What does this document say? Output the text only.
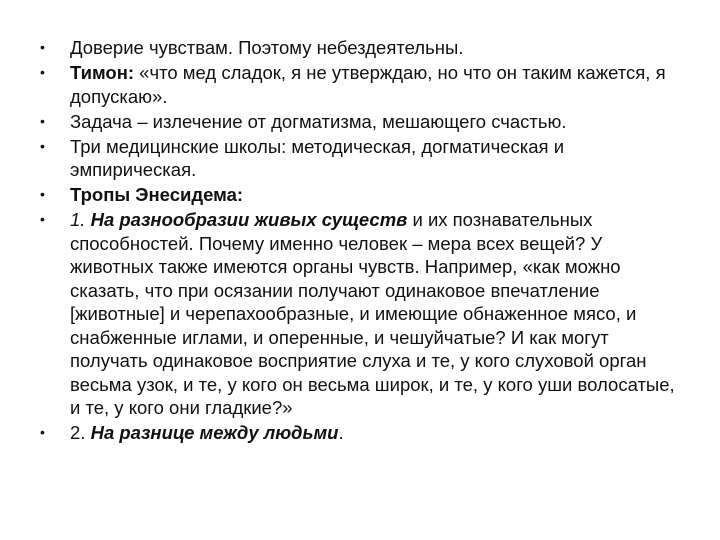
•	Доверие чувствам. Поэтому небездеятельны.
•	Тимон: «что мед сладок, я не утверждаю, но что он таким кажется, я допускаю».
•	Задача – излечение от догматизма, мешающего счастью.
•	Три медицинские школы: методическая, догматическая и эмпирическая.
•	Тропы Энесидема:
•	1. На разнообразии живых существ и их познавательных способностей. Почему именно человек – мера всех вещей? У животных также имеются органы чувств. Например, «как можно сказать, что при осязании получают одинаковое впечатление [животные] и черепахообразные, и имеющие обнаженное мясо, и снабженные иглами, и оперенные, и чешуйчатые? И как могут получать одинаковое восприятие слуха и те, у кого слуховой орган весьма узок, и те, у кого он весьма широк, и те, у кого уши волосатые, и те, у кого они гладкие?»
•	2. На разнице между людьми.
